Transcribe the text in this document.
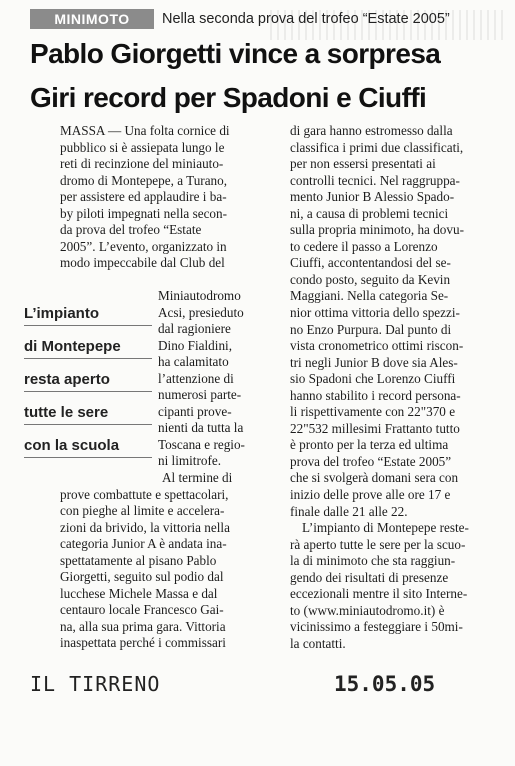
MINIMOTO	Nella seconda prova del trofeo “Estate 2005”
Pablo Giorgetti vince a sorpresa
Giri record per Spadoni e Ciuffi
MASSA — Una folta cornice di
pubblico si è assiepata lungo le
reti di recinzione del miniauto-
dromo di Montepepe, a Turano,
per assistere ed applaudire i ba-
by piloti impegnati nella secon-
da prova del trofeo “Estate
2005”. L’evento, organizzato in
modo impeccabile dal Club del
L’impianto
di Montepepe
resta aperto
tutte le sere
con la scuola
Miniautodromo
Acsi, presieduto
dal ragioniere
Dino Fialdini,
ha calamitato
l’attenzione di
numerosi parte-
cipanti prove-
nienti da tutta la
Toscana e regio-
ni limitrofe.
Al termine di
prove combattute e spettacolari,
con pieghe al limite e accelera-
zioni da brivido, la vittoria nella
categoria Junior A è andata ina-
spettatamente al pisano Pablo
Giorgetti, seguito sul podio dal
lucchese Michele Massa e dal
centauro locale Francesco Gai-
na, alla sua prima gara. Vittoria
inaspettata perché i commissari
di gara hanno estromesso dalla
classifica i primi due classificati,
per non essersi presentati ai
controlli tecnici. Nel raggruppa-
mento Junior B Alessio Spado-
ni, a causa di problemi tecnici
sulla propria minimoto, ha dovu-
to cedere il passo a Lorenzo
Ciuffi, accontentandosi del se-
condo posto, seguito da Kevin
Maggiani. Nella categoria Se-
nior ottima vittoria dello spezzi-
no Enzo Purpura. Dal punto di
vista cronometrico ottimi riscon-
tri negli Junior B dove sia Ales-
sio Spadoni che Lorenzo Ciuffi
hanno stabilito i record persona-
li rispettivamente con 22"370 e
22"532 millesimi Frattanto tutto
è pronto per la terza ed ultima
prova del trofeo “Estate 2005”
che si svolgerà domani sera con
inizio delle prove alle ore 17 e
finale dalle 21 alle 22.
L’impianto di Montepepe reste-
rà aperto tutte le sere per la scuo-
la di minimoto che sta raggiun-
gendo dei risultati di presenze
eccezionali mentre il sito Interne-
to (www.miniautodromo.it) è
vicinissimo a festeggiare i 50mi-
la contatti.
IL TIRRENO	15.05.05
